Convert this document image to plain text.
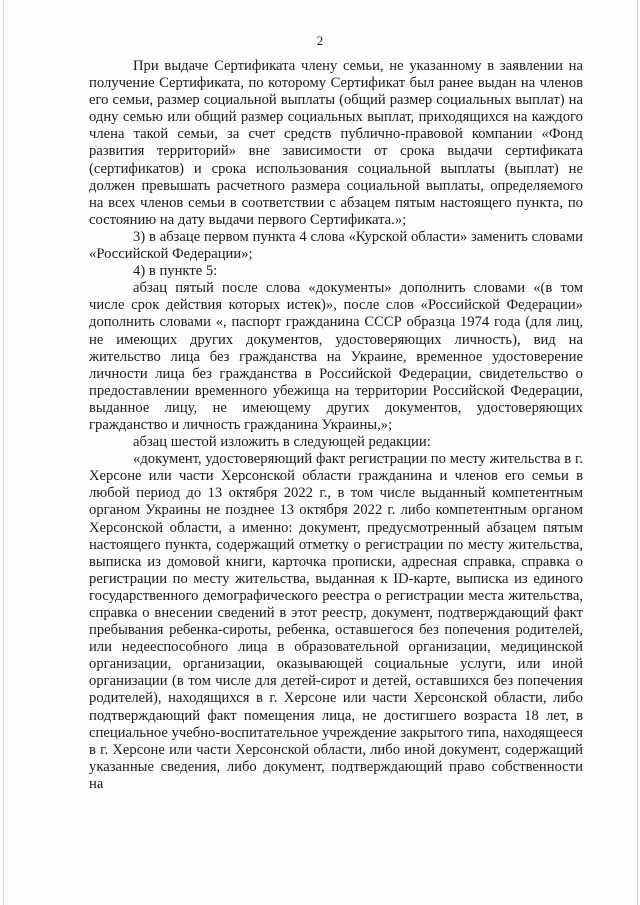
2

При выдаче Сертификата члену семьи, не указанному в заявлении на получение Сертификата, по которому Сертификат был ранее выдан на членов его семьи, размер социальной выплаты (общий размер социальных выплат) на одну семью или общий размер социальных выплат, приходящихся на каждого члена такой семьи, за счет средств публично-правовой компании «Фонд развития территорий» вне зависимости от срока выдачи сертификата (сертификатов) и срока использования социальной выплаты (выплат) не должен превышать расчетного размера социальной выплаты, определяемого на всех членов семьи в соответствии с абзацем пятым настоящего пункта, по состоянию на дату выдачи первого Сертификата.»;

3) в абзаце первом пункта 4 слова «Курской области» заменить словами «Российской Федерации»;

4) в пункте 5:

абзац пятый после слова «документы» дополнить словами «(в том числе срок действия которых истек)», после слов «Российской Федерации» дополнить словами «, паспорт гражданина СССР образца 1974 года (для лиц, не имеющих других документов, удостоверяющих личность), вид на жительство лица без гражданства на Украине, временное удостоверение личности лица без гражданства в Российской Федерации, свидетельство о предоставлении временного убежища на территории Российской Федерации, выданное лицу, не имеющему других документов, удостоверяющих гражданство и личность гражданина Украины,»;

абзац шестой изложить в следующей редакции:

«документ, удостоверяющий факт регистрации по месту жительства в г. Херсоне или части Херсонской области гражданина и членов его семьи в любой период до 13 октября 2022 г., в том числе выданный компетентным органом Украины не позднее 13 октября 2022 г. либо компетентным органом Херсонской области, а именно: документ, предусмотренный абзацем пятым настоящего пункта, содержащий отметку о регистрации по месту жительства, выписка из домовой книги, карточка прописки, адресная справка, справка о регистрации по месту жительства, выданная к ID-карте, выписка из единого государственного демографического реестра о регистрации места жительства, справка о внесении сведений в этот реестр, документ, подтверждающий факт пребывания ребенка-сироты, ребенка, оставшегося без попечения родителей, или недееспособного лица в образовательной организации, медицинской организации, организации, оказывающей социальные услуги, или иной организации (в том числе для детей-сирот и детей, оставшихся без попечения родителей), находящихся в г. Херсоне или части Херсонской области, либо подтверждающий факт помещения лица, не достигшего возраста 18 лет, в специальное учебно-воспитательное учреждение закрытого типа, находящееся в г. Херсоне или части Херсонской области, либо иной документ, содержащий указанные сведения, либо документ, подтверждающий право собственности на
